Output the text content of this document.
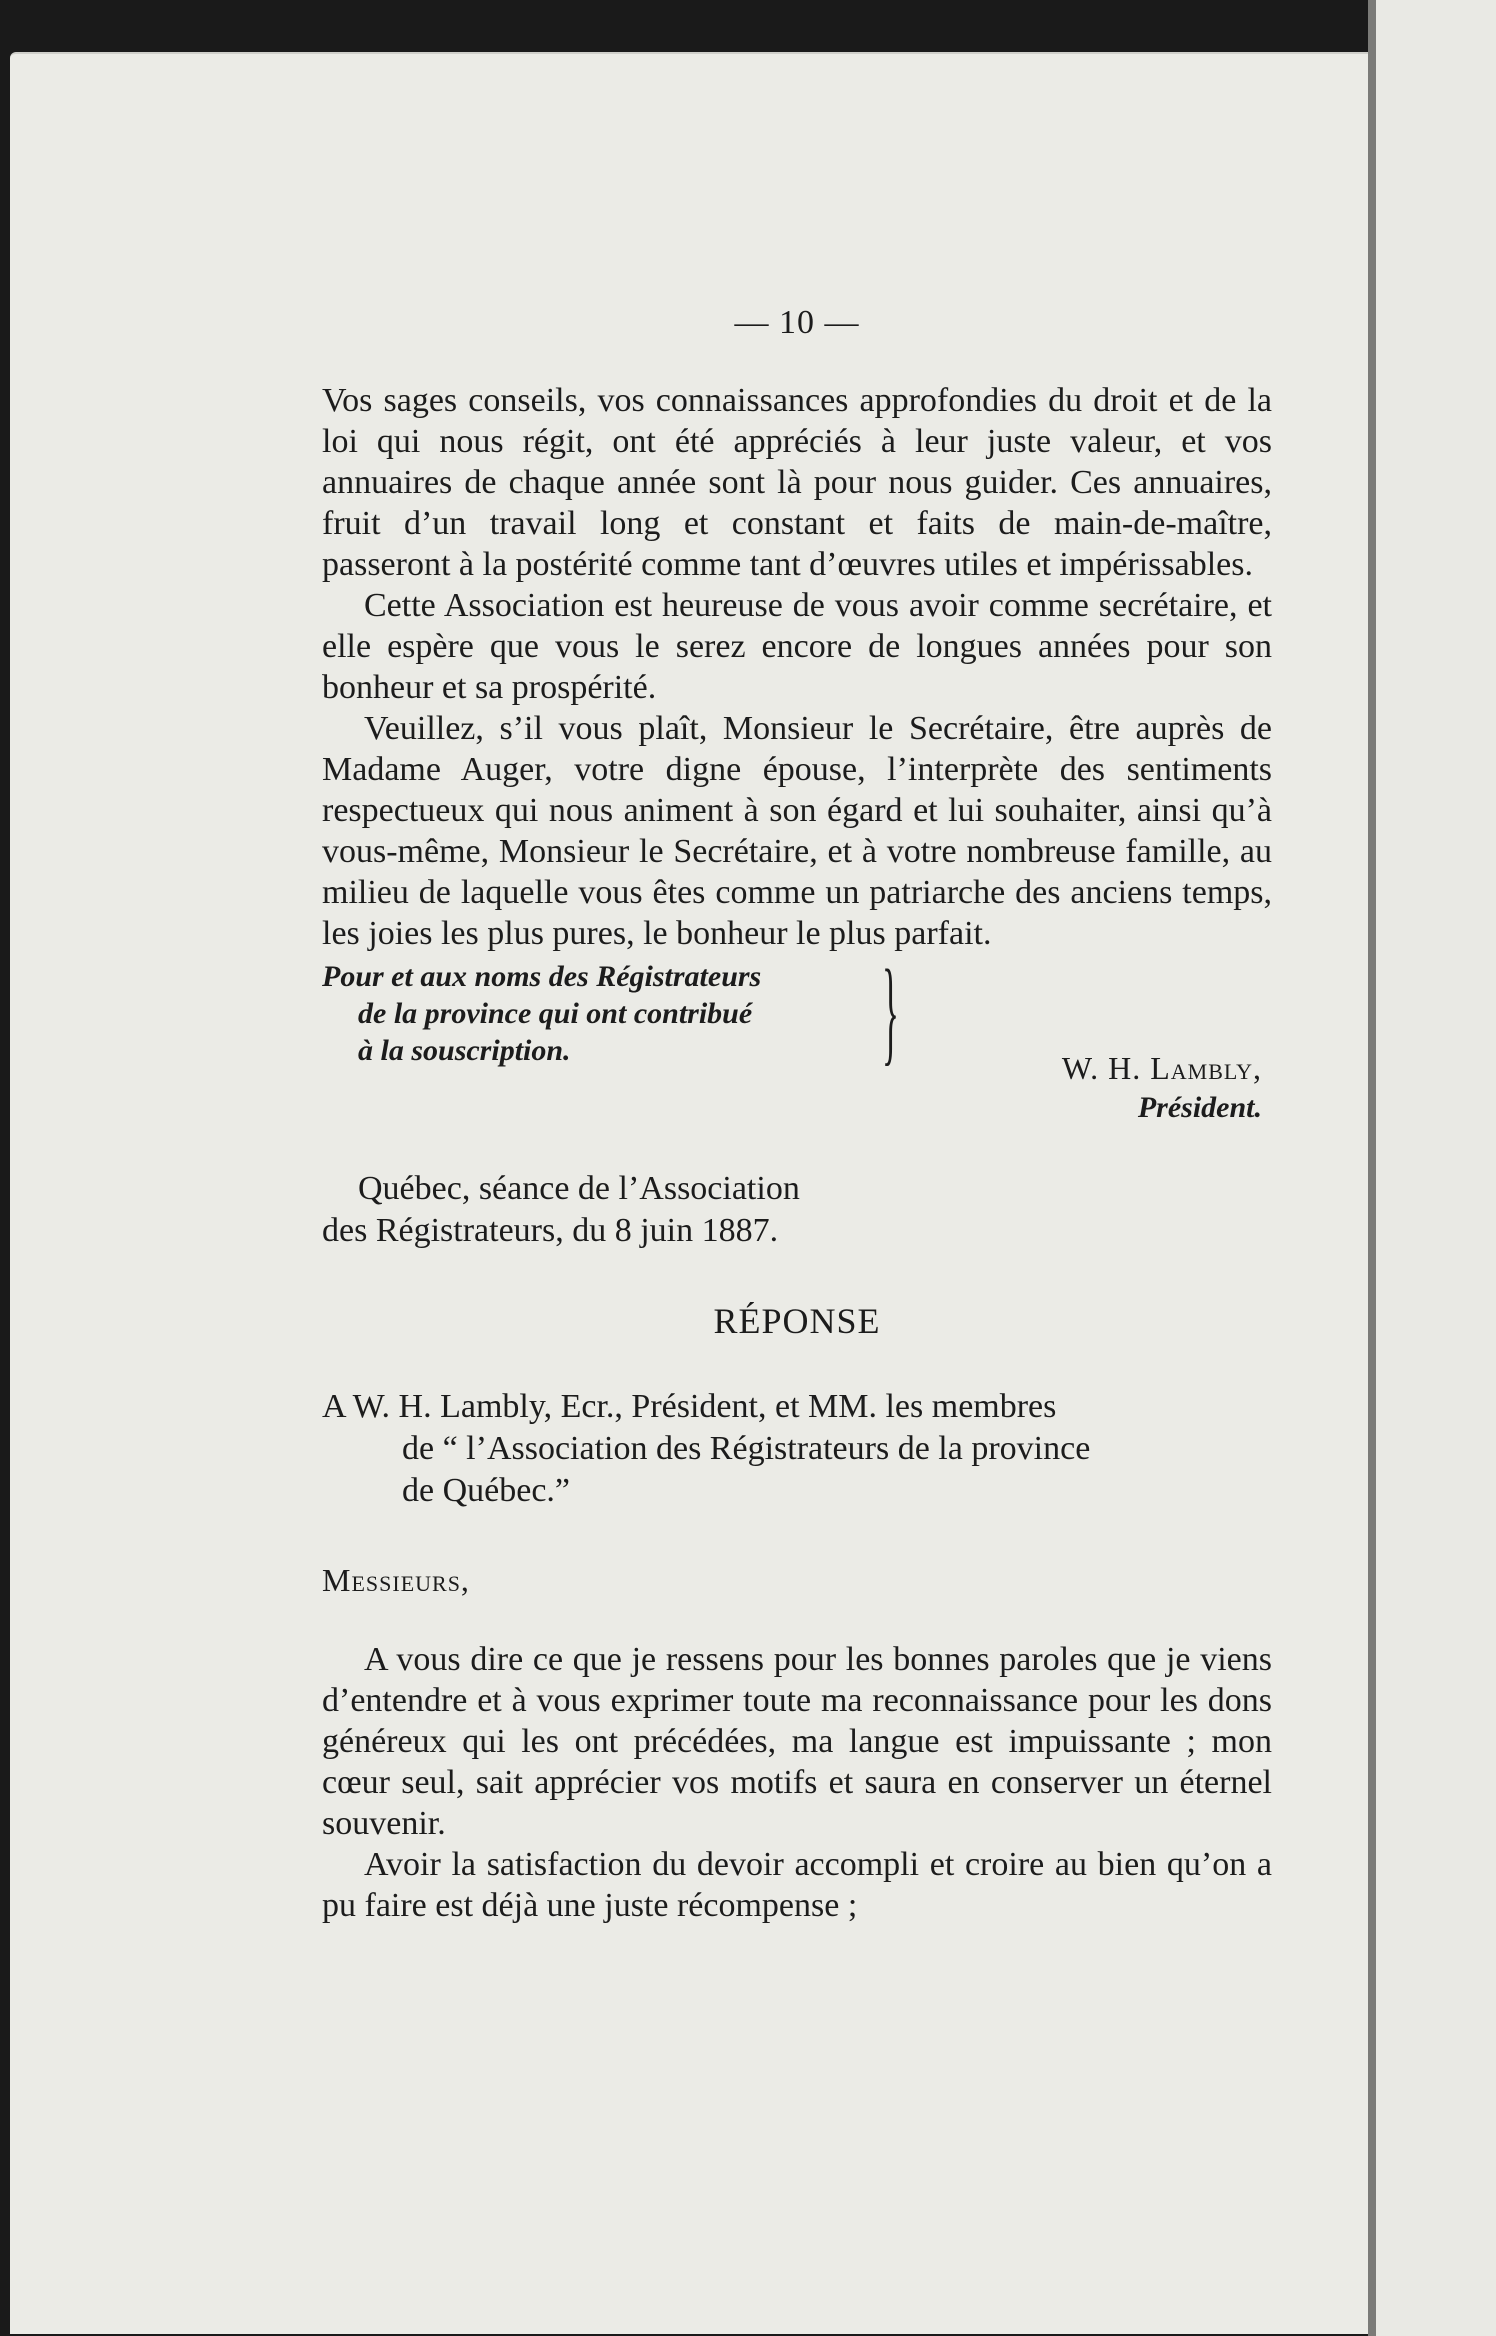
— 10 —

Vos sages conseils, vos connaissances approfondies du droit et de la loi qui nous régit, ont été appréciés à leur juste valeur, et vos annuaires de chaque année sont là pour nous guider. Ces annuaires, fruit d’un travail long et constant et faits de main-de-maître, passeront à la postérité comme tant d’œuvres utiles et impérissables.

Cette Association est heureuse de vous avoir comme secrétaire, et elle espère que vous le serez encore de longues années pour son bonheur et sa prospérité.

Veuillez, s’il vous plaît, Monsieur le Secrétaire, être auprès de Madame Auger, votre digne épouse, l’interprète des sentiments respectueux qui nous animent à son égard et lui souhaiter, ainsi qu’à vous-même, Monsieur le Secrétaire, et à votre nombreuse famille, au milieu de laquelle vous êtes comme un patriarche des anciens temps, les joies les plus pures, le bonheur le plus parfait.

Pour et aux noms des Régistrateurs
de la province qui ont contribué
à la souscription.	}	W. H. Lambly,
Président.
Québec, séance de l’Association
des Régistrateurs, du 8 juin 1887.
RÉPONSE
A W. H. Lambly, Ecr., Président, et MM. les membres
de “ l’Association des Régistrateurs de la province
de Québec.”
Messieurs,

A vous dire ce que je ressens pour les bonnes paroles que je viens d’entendre et à vous exprimer toute ma reconnaissance pour les dons généreux qui les ont précédées, ma langue est impuissante ; mon cœur seul, sait apprécier vos motifs et saura en conserver un éternel souvenir.

Avoir la satisfaction du devoir accompli et croire au bien qu’on a pu faire est déjà une juste récompense ;
